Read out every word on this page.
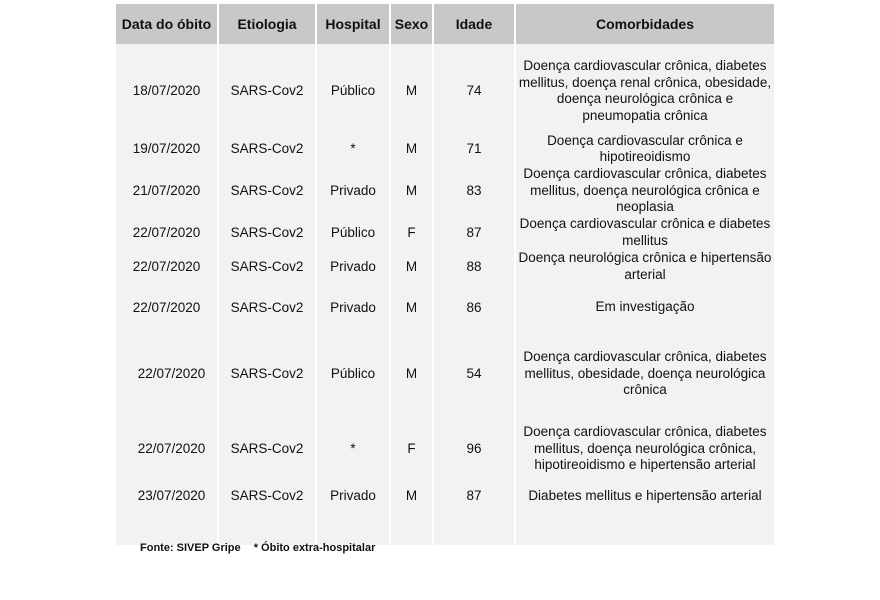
Data do óbito	Etiologia	Hospital	Sexo	Idade	Comorbidades

18/07/2020	SARS-Cov2	Público	M	74	Doença cardiovascular crônica, diabetes mellitus, doença renal crônica, obesidade, doença neurológica crônica e pneumopatia crônica
19/07/2020	SARS-Cov2	*	M	71	Doença cardiovascular crônica e hipotireoidismo
21/07/2020	SARS-Cov2	Privado	M	83	Doença cardiovascular crônica, diabetes mellitus, doença neurológica crônica e neoplasia
22/07/2020	SARS-Cov2	Público	F	87	Doença cardiovascular crônica e diabetes mellitus
22/07/2020	SARS-Cov2	Privado	M	88	Doença neurológica crônica e hipertensão arterial
22/07/2020	SARS-Cov2	Privado	M	86	Em investigação
22/07/2020	SARS-Cov2	Público	M	54	Doença cardiovascular crônica, diabetes mellitus, obesidade, doença neurológica crônica
22/07/2020	SARS-Cov2	*	F	96	Doença cardiovascular crônica, diabetes mellitus, doença neurológica crônica, hipotireoidismo e hipertensão arterial
23/07/2020	SARS-Cov2	Privado	M	87	Diabetes mellitus e hipertensão arterial

Fonte: SIVEP Gripe * Óbito extra-hospitalar
